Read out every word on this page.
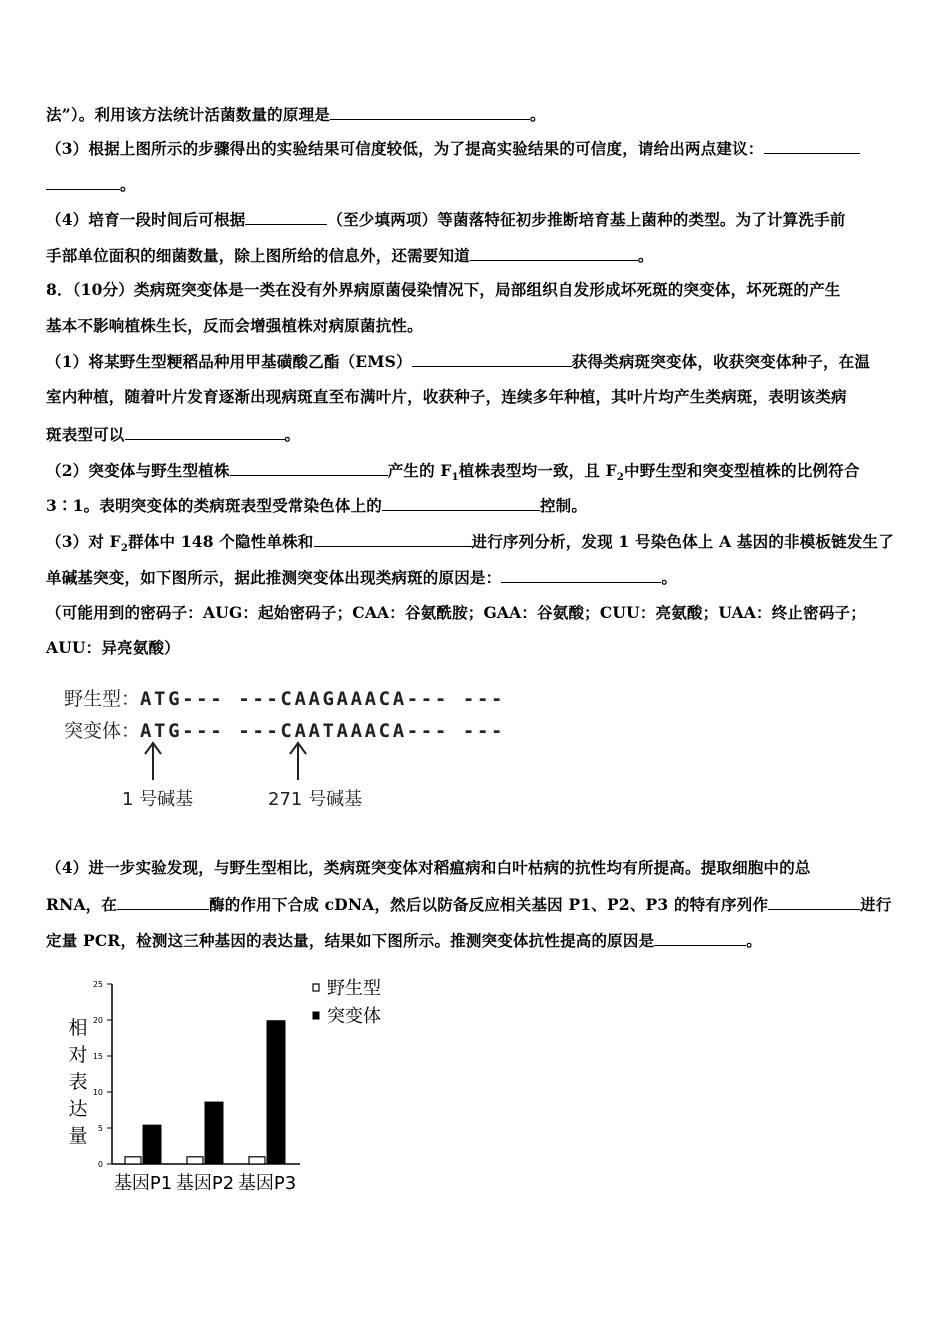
法”）。利用该方法统计活菌数量的原理是	。
（3）根据上图所示的步骤得出的实验结果可信度较低，为了提高实验结果的可信度，请给出两点建议：
。
（4）培育一段时间后可根据	（至少填两项）等菌落特征初步推断培育基上菌种的类型。为了计算洗手前
手部单位面积的细菌数量，除上图所给的信息外，还需要知道	。
8．（10分）类病斑突变体是一类在没有外界病原菌侵染情况下，局部组织自发形成坏死斑的突变体，坏死斑的产生
基本不影响植株生长，反而会增强植株对病原菌抗性。
（1）将某野生型粳稻品种用甲基磺酸乙酯（EMS）	获得类病斑突变体，收获突变体种子，在温
室内种植，随着叶片发育逐渐出现病斑直至布满叶片，收获种子，连续多年种植，其叶片均产生类病斑，表明该类病
斑表型可以	。
（2）突变体与野生型植株	产生的 $F_1$植株表型均一致，且 $F_2$中野生型和突变型植株的比例符合
3∶1。表明突变体的类病斑表型受常染色体上的	控制。
（3）对 $F_2$群体中 148 个隐性单株和	进行序列分析，发现 1 号染色体上 A 基因的非模板链发生了
单碱基突变，如下图所示，据此推测突变体出现类病斑的原因是：	。
（可能用到的密码子：AUG：起始密码子；CAA：谷氨酰胺；GAA：谷氨酸；CUU：亮氨酸；UAA：终止密码子；
AUU：异亮氨酸）
野生型：ATG--- ---CAAGAAACA--- ---
突变体：ATG--- ---CAATAAACA--- ---
1 号碱基	271 号碱基
（4）进一步实验发现，与野生型相比，类病斑突变体对稻瘟病和白叶枯病的抗性均有所提高。提取细胞中的总
RNA，在	酶的作用下合成 cDNA，然后以防备反应相关基因 P1、P2、P3 的特有序列作	进行
定量 PCR，检测这三种基因的表达量，结果如下图所示。推测突变体抗性提高的原因是	。
相
对
表
达
量
0
5
10
15
20
25
基因P1 基因P2 基因P3
野生型
突变体
